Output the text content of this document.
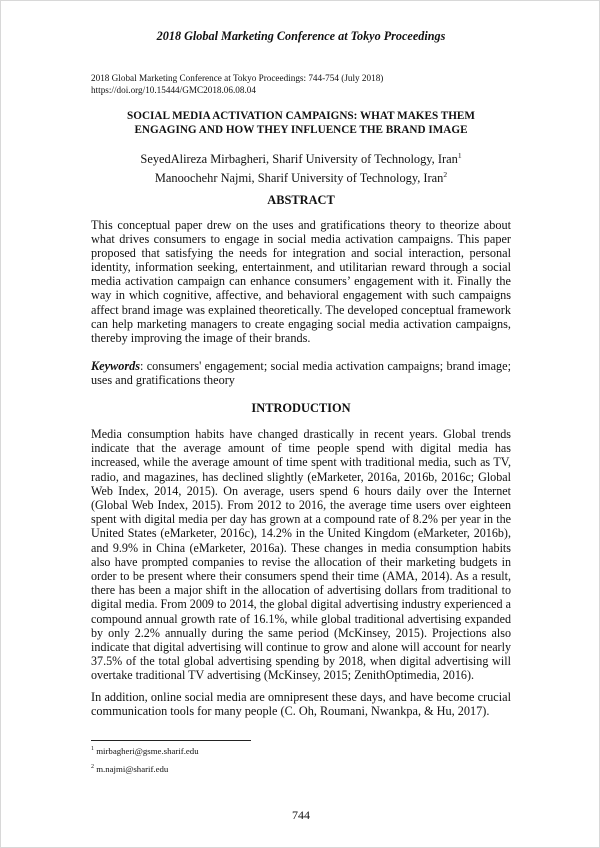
2018 Global Marketing Conference at Tokyo Proceedings
2018 Global Marketing Conference at Tokyo Proceedings: 744-754 (July 2018)
https://doi.org/10.15444/GMC2018.06.08.04
SOCIAL MEDIA ACTIVATION CAMPAIGNS: WHAT MAKES THEM
ENGAGING AND HOW THEY INFLUENCE THE BRAND IMAGE
SeyedAlireza Mirbagheri, Sharif University of Technology, Iran$^1$
Manoochehr Najmi, Sharif University of Technology, Iran$^2$
ABSTRACT

This conceptual paper drew on the uses and gratifications theory to theorize about what drives consumers to engage in social media activation campaigns. This paper proposed that satisfying the needs for integration and social interaction, personal identity, information seeking, entertainment, and utilitarian reward through a social media activation campaign can enhance consumers’ engagement with it. Finally the way in which cognitive, affective, and behavioral engagement with such campaigns affect brand image was explained theoretically. The developed conceptual framework can help marketing managers to create engaging social media activation campaigns, thereby improving the image of their brands.

Keywords: consumers' engagement; social media activation campaigns; brand image; uses and gratifications theory

INTRODUCTION

Media consumption habits have changed drastically in recent years. Global trends indicate that the average amount of time people spend with digital media has increased, while the average amount of time spent with traditional media, such as TV, radio, and magazines, has declined slightly (eMarketer, 2016a, 2016b, 2016c; Global Web Index, 2014, 2015). On average, users spend 6 hours daily over the Internet (Global Web Index, 2015). From 2012 to 2016, the average time users over eighteen spent with digital media per day has grown at a compound rate of 8.2% per year in the United States (eMarketer, 2016c), 14.2% in the United Kingdom (eMarketer, 2016b), and 9.9% in China (eMarketer, 2016a). These changes in media consumption habits also have prompted companies to revise the allocation of their marketing budgets in order to be present where their consumers spend their time (AMA, 2014). As a result, there has been a major shift in the allocation of advertising dollars from traditional to digital media. From 2009 to 2014, the global digital advertising industry experienced a compound annual growth rate of 16.1%, while global traditional advertising expanded by only 2.2% annually during the same period (McKinsey, 2015). Projections also indicate that digital advertising will continue to grow and alone will account for nearly 37.5% of the total global advertising spending by 2018, when digital advertising will overtake traditional TV advertising (McKinsey, 2015; ZenithOptimedia, 2016).

In addition, online social media are omnipresent these days, and have become crucial communication tools for many people (C. Oh, Roumani, Nwankpa, & Hu, 2017).

$^1$ mirbagheri@gsme.sharif.edu
$^2$ m.najmi@sharif.edu
744
